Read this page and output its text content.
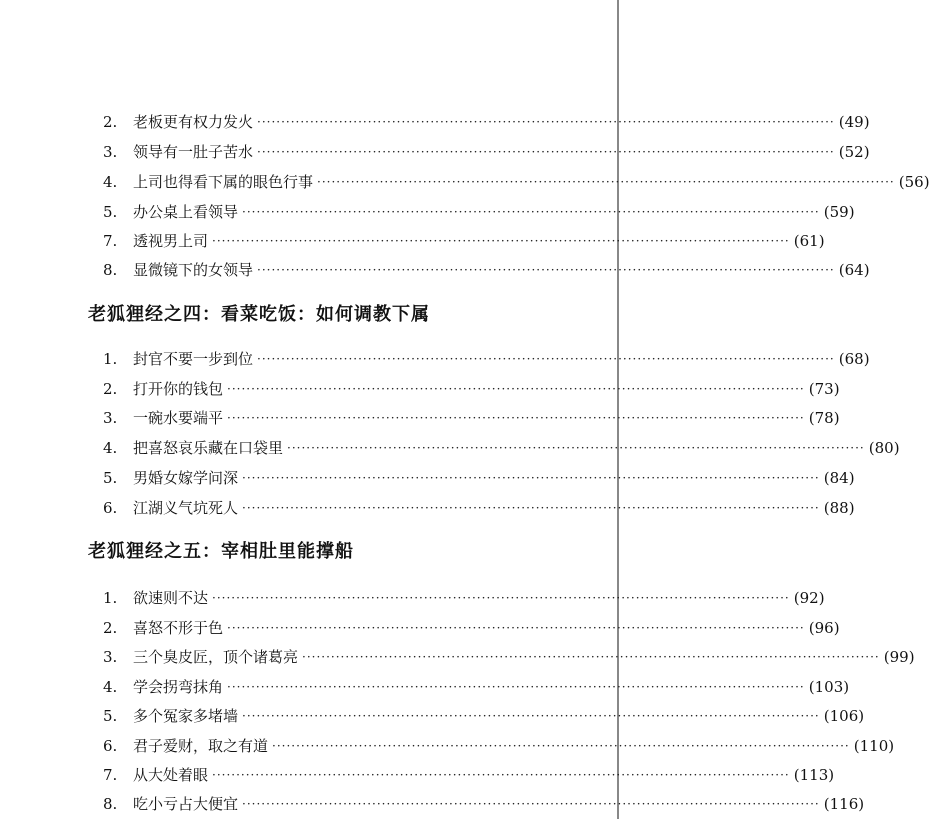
2.	老板更有权力发火 ························································································································ (49)
3.	领导有一肚子苦水 ························································································································ (52)
4.	上司也得看下属的眼色行事 ························································································································ (56)
5.	办公桌上看领导 ························································································································ (59)
7.	透视男上司 ························································································································ (61)
8.	显微镜下的女领导 ························································································································ (64)
老狐狸经之四：看菜吃饭：如何调教下属
1.	封官不要一步到位 ························································································································ (68)
2.	打开你的钱包 ························································································································ (73)
3.	一碗水要端平 ························································································································ (78)
4.	把喜怒哀乐藏在口袋里 ························································································································ (80)
5.	男婚女嫁学问深 ························································································································ (84)
6.	江湖义气坑死人 ························································································································ (88)
老狐狸经之五：宰相肚里能撑船
1.	欲速则不达 ························································································································ (92)
2.	喜怒不形于色 ························································································································ (96)
3.	三个臭皮匠，顶个诸葛亮 ························································································································ (99)
4.	学会拐弯抹角 ························································································································ (103)
5.	多个冤家多堵墙 ························································································································ (106)
6.	君子爱财，取之有道 ························································································································ (110)
7.	从大处着眼 ························································································································ (113)
8.	吃小亏占大便宜 ························································································································ (116)
